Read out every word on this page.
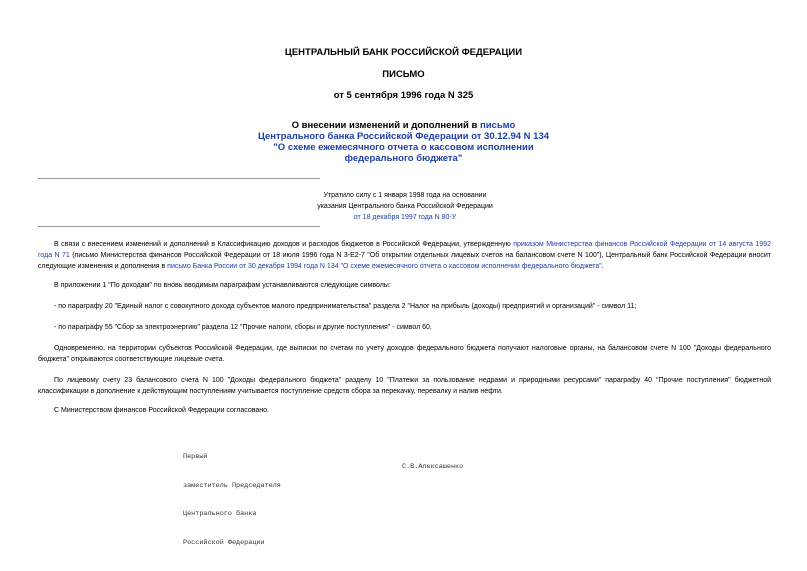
ЦЕНТРАЛЬНЫЙ БАНК РОССИЙСКОЙ ФЕДЕРАЦИИ
ПИСЬМО
от 5 сентября 1996 года N 325
О внесении изменений и дополнений в письмо
Центрального банка Российской Федерации от 30.12.94 N 134
"О схеме ежемесячного отчета о кассовом исполнении
федерального бюджета"
Утратило силу с 1 января 1998 года на основании
указания Центрального банка Российской Федерации
от 18 декабря 1997 года N 80-У
В связи с внесением изменений и дополнений в Классификацию доходов и расходов бюджетов в Российской Федерации, утвержденную приказом Министерства финансов Российской Федерации от 14 августа 1992 года N 71 (письмо Министерства финансов Российской Федерации от 18 июля 1996 года N 3-Е2-7 "Об открытии отдельных лицевых счетов на балансовом счете N 100"), Центральный банк Российской Федерации вносит следующие изменения и дополнения в письмо Банка России от 30 декабря 1994 года N 134 "О схеме ежемесячного отчета о кассовом исполнении федерального бюджета".
В приложении 1 "По доходам" по вновь вводимым параграфам устанавливаются следующие символы:
- по параграфу 20 "Единый налог с совокупного дохода субъектов малого предпринимательства" раздела 2 "Налог на прибыль (доходы) предприятий и организаций" - символ 11;
- по параграфу 55 "Сбор за электроэнергию" раздела 12 "Прочие налоги, сборы и другие поступления" - символ 60.
Одновременно, на территории субъектов Российской Федерации, где выписки по счетам по учету доходов федерального бюджета получают налоговые органы, на балансовом счете N 100 "Доходы федерального бюджета" открываются соответствующие лицевые счета.
По лицевому счету 23 балансового счета N 100 "Доходы федерального бюджета" разделу 10 "Платежи за пользование недрами и природными ресурсами" параграфу 40 "Прочие поступления" бюджетной классификации в дополнение к действующим поступлениям учитывается поступление средств сбора за перекачку, перевалку и налив нефти.
С Министерством финансов Российской Федерации согласовано.

Первый

заместитель Председателя

Центрального банка

Российской Федерации

С.В.Алексашенко
